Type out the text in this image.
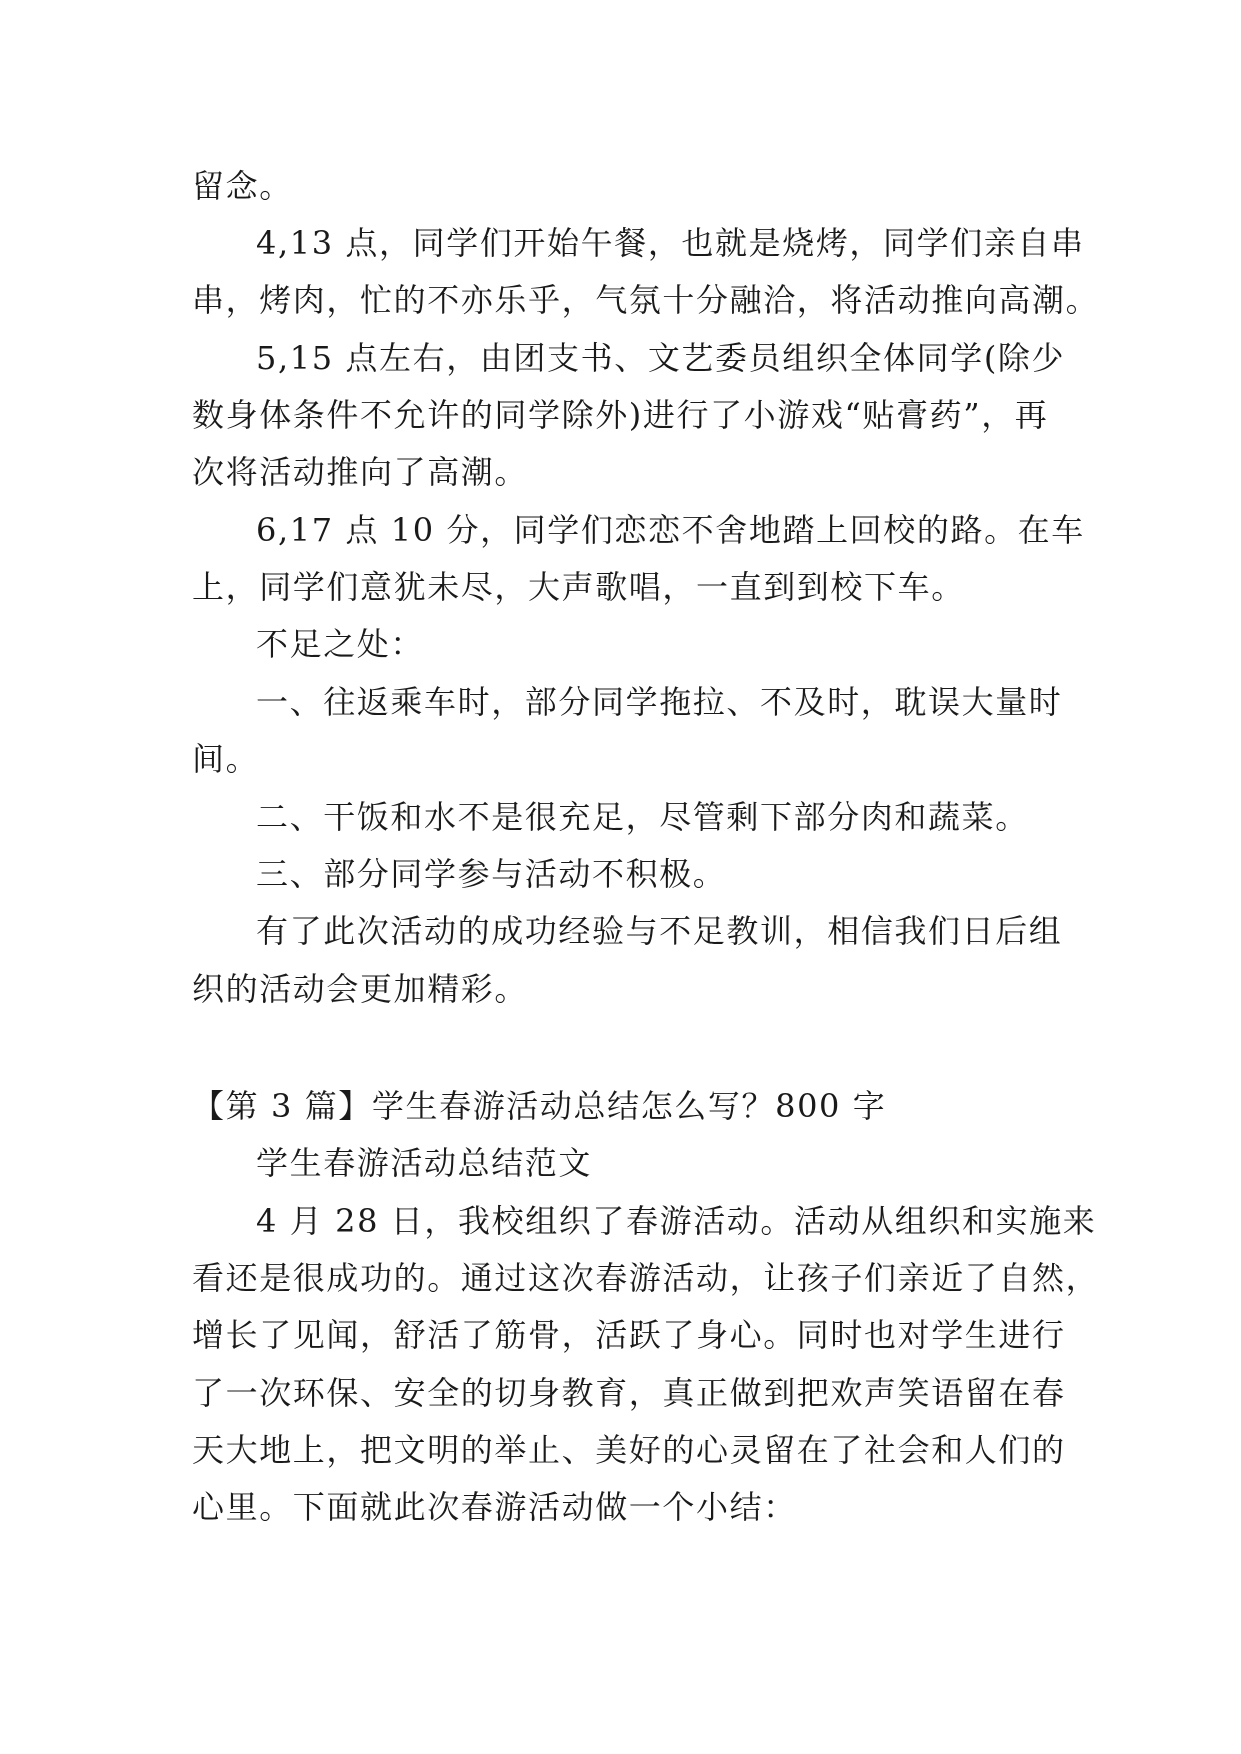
留念。
4,13 点，同学们开始午餐，也就是烧烤，同学们亲自串
串，烤肉，忙的不亦乐乎，气氛十分融洽，将活动推向高潮。
5,15 点左右，由团支书、文艺委员组织全体同学(除少
数身体条件不允许的同学除外)进行了小游戏“贴膏药”，再
次将活动推向了高潮。
6,17 点 10 分，同学们恋恋不舍地踏上回校的路。在车
上，同学们意犹未尽，大声歌唱，一直到到校下车。
不足之处：
一、往返乘车时，部分同学拖拉、不及时，耽误大量时
间。
二、干饭和水不是很充足，尽管剩下部分肉和蔬菜。
三、部分同学参与活动不积极。
有了此次活动的成功经验与不足教训，相信我们日后组
织的活动会更加精彩。
【第 3 篇】学生春游活动总结怎么写？800 字
学生春游活动总结范文
4 月 28 日，我校组织了春游活动。活动从组织和实施来
看还是很成功的。通过这次春游活动，让孩子们亲近了自然，
增长了见闻，舒活了筋骨，活跃了身心。同时也对学生进行
了一次环保、安全的切身教育，真正做到把欢声笑语留在春
天大地上，把文明的举止、美好的心灵留在了社会和人们的
心里。下面就此次春游活动做一个小结：
